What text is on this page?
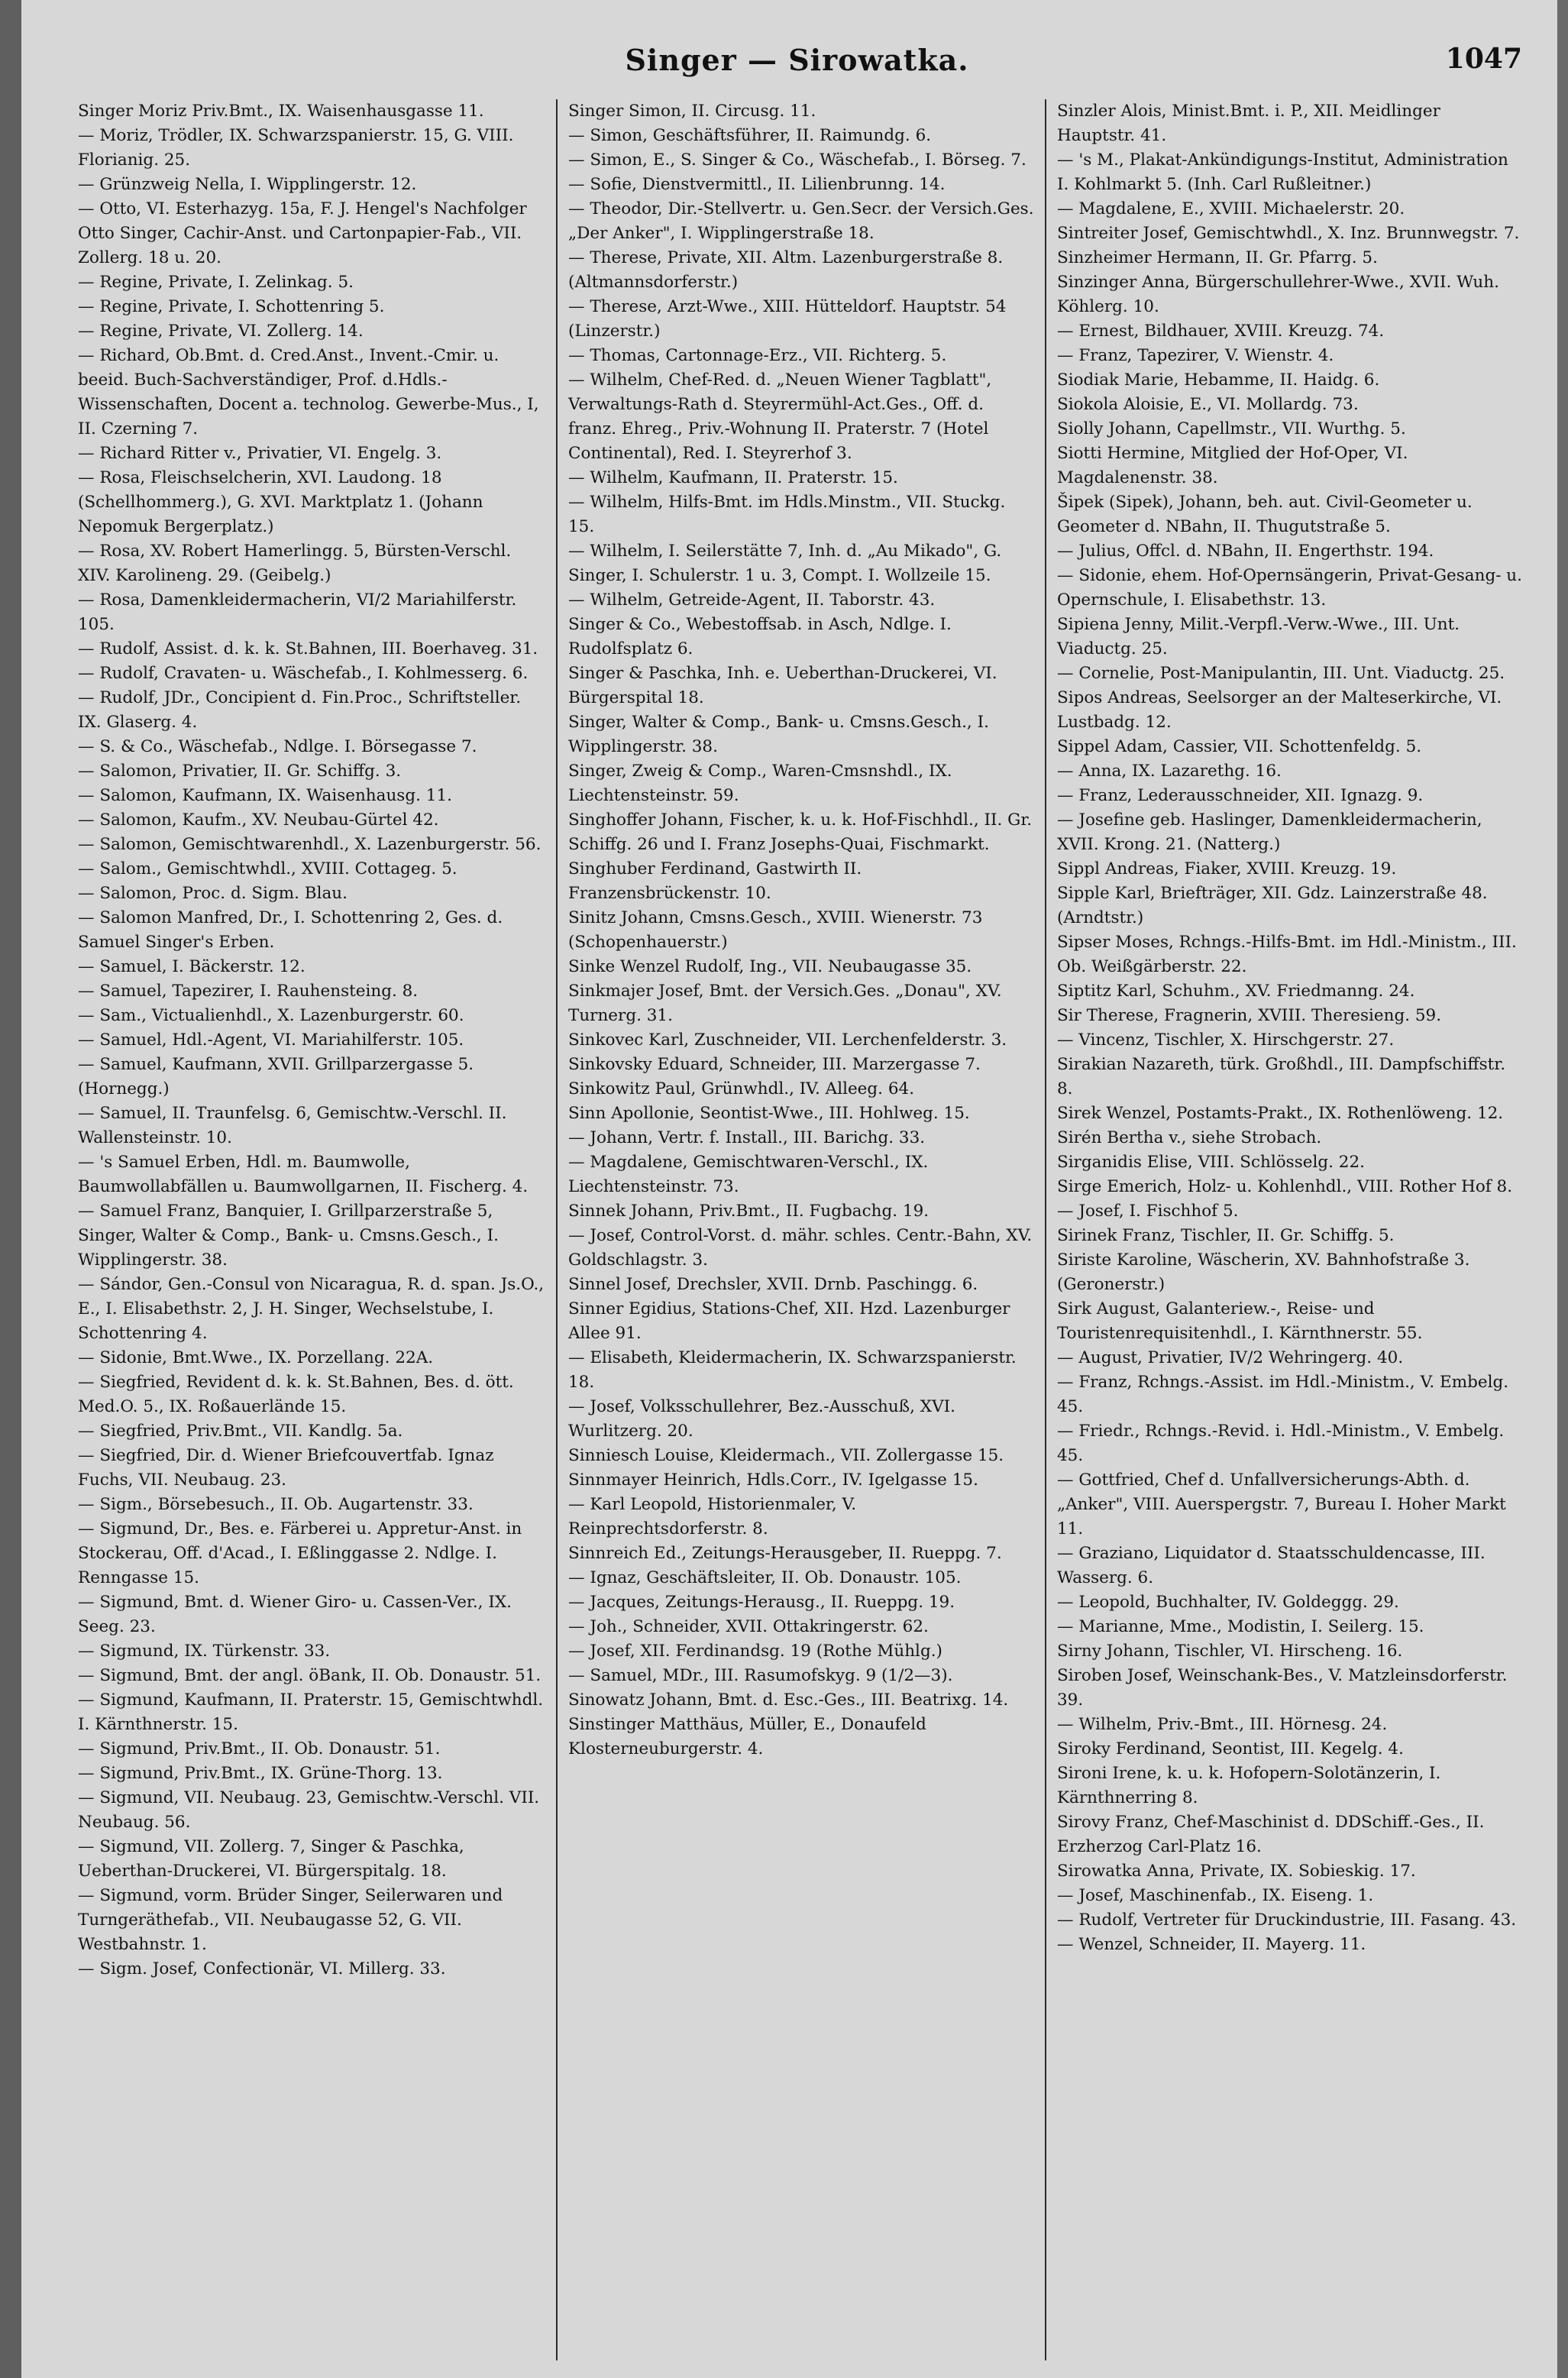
Singer — Sirowatka.	1047

Singer Moriz Priv.Bmt., IX. Waisenhausgasse 11.

— Moriz, Trödler, IX. Schwarzspanierstr. 15, G. VIII. Florianig. 25.

— Grünzweig Nella, I. Wipplingerstr. 12.

— Otto, VI. Esterhazyg. 15a, F. J. Hengel's Nachfolger Otto Singer, Cachir-Anst. und Cartonpapier-Fab., VII. Zollerg. 18 u. 20.

— Regine, Private, I. Zelinkag. 5.

— Regine, Private, I. Schottenring 5.

— Regine, Private, VI. Zollerg. 14.

— Richard, Ob.Bmt. d. Cred.Anst., Invent.-Cmir. u. beeid. Buch-Sachverständiger, Prof. d.Hdls.-Wissenschaften, Docent a. technolog. Gewerbe-Mus., I, II. Czerning 7.

— Richard Ritter v., Privatier, VI. Engelg. 3.

— Rosa, Fleischselcherin, XVI. Laudong. 18 (Schellhommerg.), G. XVI. Marktplatz 1. (Johann Nepomuk Bergerplatz.)

— Rosa, XV. Robert Hamerlingg. 5, Bürsten-Verschl. XIV. Karolineng. 29. (Geibelg.)

— Rosa, Damenkleidermacherin, VI/2 Mariahilferstr. 105.

— Rudolf, Assist. d. k. k. St.Bahnen, III. Boerhaveg. 31.

— Rudolf, Cravaten- u. Wäschefab., I. Kohlmesserg. 6.

— Rudolf, JDr., Concipient d. Fin.Proc., Schriftsteller. IX. Glaserg. 4.

— S. & Co., Wäschefab., Ndlge. I. Börsegasse 7.

— Salomon, Privatier, II. Gr. Schiffg. 3.

— Salomon, Kaufmann, IX. Waisenhausg. 11.

— Salomon, Kaufm., XV. Neubau-Gürtel 42.

— Salomon, Gemischtwarenhdl., X. Lazenburgerstr. 56.

— Salom., Gemischtwhdl., XVIII. Cottageg. 5.

— Salomon, Proc. d. Sigm. Blau.

— Salomon Manfred, Dr., I. Schottenring 2, Ges. d. Samuel Singer's Erben.

— Samuel, I. Bäckerstr. 12.

— Samuel, Tapezirer, I. Rauhensteing. 8.

— Sam., Victualienhdl., X. Lazenburgerstr. 60.

— Samuel, Hdl.-Agent, VI. Mariahilferstr. 105.

— Samuel, Kaufmann, XVII. Grillparzergasse 5. (Hornegg.)

— Samuel, II. Traunfelsg. 6, Gemischtw.-Verschl. II. Wallensteinstr. 10.

— 's Samuel Erben, Hdl. m. Baumwolle, Baumwollabfällen u. Baumwollgarnen, II. Fischerg. 4.

— Samuel Franz, Banquier, I. Grillparzerstraße 5, Singer, Walter & Comp., Bank- u. Cmsns.Gesch., I. Wipplingerstr. 38.

— Sándor, Gen.-Consul von Nicaragua, R. d. span. Js.O., E., I. Elisabethstr. 2, J. H. Singer, Wechselstube, I. Schottenring 4.

— Sidonie, Bmt.Wwe., IX. Porzellang. 22A.

— Siegfried, Revident d. k. k. St.Bahnen, Bes. d. ött. Med.O. 5., IX. Roßauerlände 15.

— Siegfried, Priv.Bmt., VII. Kandlg. 5a.

— Siegfried, Dir. d. Wiener Briefcouvertfab. Ignaz Fuchs, VII. Neubaug. 23.

— Sigm., Börsebesuch., II. Ob. Augartenstr. 33.

— Sigmund, Dr., Bes. e. Färberei u. Appretur-Anst. in Stockerau, Off. d'Acad., I. Eßlinggasse 2. Ndlge. I. Renngasse 15.

— Sigmund, Bmt. d. Wiener Giro- u. Cassen-Ver., IX. Seeg. 23.

— Sigmund, IX. Türkenstr. 33.

— Sigmund, Bmt. der angl. öBank, II. Ob. Donaustr. 51.

— Sigmund, Kaufmann, II. Praterstr. 15, Gemischtwhdl. I. Kärnthnerstr. 15.

— Sigmund, Priv.Bmt., II. Ob. Donaustr. 51.

— Sigmund, Priv.Bmt., IX. Grüne-Thorg. 13.

— Sigmund, VII. Neubaug. 23, Gemischtw.-Verschl. VII. Neubaug. 56.

— Sigmund, VII. Zollerg. 7, Singer & Paschka, Ueberthan-Druckerei, VI. Bürgerspitalg. 18.

— Sigmund, vorm. Brüder Singer, Seilerwaren und Turngeräthefab., VII. Neubaugasse 52, G. VII. Westbahnstr. 1.

— Sigm. Josef, Confectionär, VI. Millerg. 33.

Singer Simon, II. Circusg. 11.

— Simon, Geschäftsführer, II. Raimundg. 6.

— Simon, E., S. Singer & Co., Wäschefab., I. Börseg. 7.

— Sofie, Dienstvermittl., II. Lilienbrunng. 14.

— Theodor, Dir.-Stellvertr. u. Gen.Secr. der Versich.Ges. „Der Anker", I. Wipplingerstraße 18.

— Therese, Private, XII. Altm. Lazenburgerstraße 8. (Altmannsdorferstr.)

— Therese, Arzt-Wwe., XIII. Hütteldorf. Hauptstr. 54 (Linzerstr.)

— Thomas, Cartonnage-Erz., VII. Richterg. 5.

— Wilhelm, Chef-Red. d. „Neuen Wiener Tagblatt", Verwaltungs-Rath d. Steyrermühl-Act.Ges., Off. d. franz. Ehreg., Priv.-Wohnung II. Praterstr. 7 (Hotel Continental), Red. I. Steyrerhof 3.

— Wilhelm, Kaufmann, II. Praterstr. 15.

— Wilhelm, Hilfs-Bmt. im Hdls.Minstm., VII. Stuckg. 15.

— Wilhelm, I. Seilerstätte 7, Inh. d. „Au Mikado", G. Singer, I. Schulerstr. 1 u. 3, Compt. I. Wollzeile 15.

— Wilhelm, Getreide-Agent, II. Taborstr. 43.

Singer & Co., Webestoffsab. in Asch, Ndlge. I. Rudolfsplatz 6.

Singer & Paschka, Inh. e. Ueberthan-Druckerei, VI. Bürgerspital 18.

Singer, Walter & Comp., Bank- u. Cmsns.Gesch., I. Wipplingerstr. 38.

Singer, Zweig & Comp., Waren-Cmsnshdl., IX. Liechtensteinstr. 59.

Singhoffer Johann, Fischer, k. u. k. Hof-Fischhdl., II. Gr. Schiffg. 26 und I. Franz Josephs-Quai, Fischmarkt.

Singhuber Ferdinand, Gastwirth II. Franzensbrückenstr. 10.

Sinitz Johann, Cmsns.Gesch., XVIII. Wienerstr. 73 (Schopenhauerstr.)

Sinke Wenzel Rudolf, Ing., VII. Neubaugasse 35.

Sinkmajer Josef, Bmt. der Versich.Ges. „Donau", XV. Turnerg. 31.

Sinkovec Karl, Zuschneider, VII. Lerchenfelderstr. 3.

Sinkovsky Eduard, Schneider, III. Marzergasse 7.

Sinkowitz Paul, Grünwhdl., IV. Alleeg. 64.

Sinn Apollonie, Seontist-Wwe., III. Hohlweg. 15.

— Johann, Vertr. f. Install., III. Barichg. 33.

— Magdalene, Gemischtwaren-Verschl., IX. Liechtensteinstr. 73.

Sinnek Johann, Priv.Bmt., II. Fugbachg. 19.

— Josef, Control-Vorst. d. mähr. schles. Centr.-Bahn, XV. Goldschlagstr. 3.

Sinnel Josef, Drechsler, XVII. Drnb. Paschingg. 6.

Sinner Egidius, Stations-Chef, XII. Hzd. Lazenburger Allee 91.

— Elisabeth, Kleidermacherin, IX. Schwarzspanierstr. 18.

— Josef, Volksschullehrer, Bez.-Ausschuß, XVI. Wurlitzerg. 20.

Sinniesch Louise, Kleidermach., VII. Zollergasse 15.

Sinnmayer Heinrich, Hdls.Corr., IV. Igelgasse 15.

— Karl Leopold, Historienmaler, V. Reinprechtsdorferstr. 8.

Sinnreich Ed., Zeitungs-Herausgeber, II. Rueppg. 7.

— Ignaz, Geschäftsleiter, II. Ob. Donaustr. 105.

— Jacques, Zeitungs-Herausg., II. Rueppg. 19.

— Joh., Schneider, XVII. Ottakringerstr. 62.

— Josef, XII. Ferdinandsg. 19 (Rothe Mühlg.)

— Samuel, MDr., III. Rasumofskyg. 9 (1/2—3).

Sinowatz Johann, Bmt. d. Esc.-Ges., III. Beatrixg. 14.

Sinstinger Matthäus, Müller, E., Donaufeld Klosterneuburgerstr. 4.

Sinzler Alois, Minist.Bmt. i. P., XII. Meidlinger Hauptstr. 41.

— 's M., Plakat-Ankündigungs-Institut, Administration I. Kohlmarkt 5. (Inh. Carl Rußleitner.)

— Magdalene, E., XVIII. Michaelerstr. 20.

Sintreiter Josef, Gemischtwhdl., X. Inz. Brunnwegstr. 7.

Sinzheimer Hermann, II. Gr. Pfarrg. 5.

Sinzinger Anna, Bürgerschullehrer-Wwe., XVII. Wuh. Köhlerg. 10.

— Ernest, Bildhauer, XVIII. Kreuzg. 74.

— Franz, Tapezirer, V. Wienstr. 4.

Siodiak Marie, Hebamme, II. Haidg. 6.

Siokola Aloisie, E., VI. Mollardg. 73.

Siolly Johann, Capellmstr., VII. Wurthg. 5.

Siotti Hermine, Mitglied der Hof-Oper, VI. Magdalenenstr. 38.

Šipek (Sipek), Johann, beh. aut. Civil-Geometer u. Geometer d. NBahn, II. Thugutstraße 5.

— Julius, Offcl. d. NBahn, II. Engerthstr. 194.

— Sidonie, ehem. Hof-Opernsängerin, Privat-Gesang- u. Opernschule, I. Elisabethstr. 13.

Sipiena Jenny, Milit.-Verpfl.-Verw.-Wwe., III. Unt. Viaductg. 25.

— Cornelie, Post-Manipulantin, III. Unt. Viaductg. 25.

Sipos Andreas, Seelsorger an der Malteserkirche, VI. Lustbadg. 12.

Sippel Adam, Cassier, VII. Schottenfeldg. 5.

— Anna, IX. Lazarethg. 16.

— Franz, Lederausschneider, XII. Ignazg. 9.

— Josefine geb. Haslinger, Damenkleidermacherin, XVII. Krong. 21. (Natterg.)

Sippl Andreas, Fiaker, XVIII. Kreuzg. 19.

Sipple Karl, Briefträger, XII. Gdz. Lainzerstraße 48. (Arndtstr.)

Sipser Moses, Rchngs.-Hilfs-Bmt. im Hdl.-Ministm., III. Ob. Weißgärberstr. 22.

Siptitz Karl, Schuhm., XV. Friedmanng. 24.

Sir Therese, Fragnerin, XVIII. Theresieng. 59.

— Vincenz, Tischler, X. Hirschgerstr. 27.

Sirakian Nazareth, türk. Großhdl., III. Dampfschiffstr. 8.

Sirek Wenzel, Postamts-Prakt., IX. Rothenlöweng. 12.

Sirén Bertha v., siehe Strobach.

Sirganidis Elise, VIII. Schlösselg. 22.

Sirge Emerich, Holz- u. Kohlenhdl., VIII. Rother Hof 8.

— Josef, I. Fischhof 5.

Sirinek Franz, Tischler, II. Gr. Schiffg. 5.

Siriste Karoline, Wäscherin, XV. Bahnhofstraße 3. (Geronerstr.)

Sirk August, Galanteriew.-, Reise- und Touristenrequisitenhdl., I. Kärnthnerstr. 55.

— August, Privatier, IV/2 Wehringerg. 40.

— Franz, Rchngs.-Assist. im Hdl.-Ministm., V. Embelg. 45.

— Friedr., Rchngs.-Revid. i. Hdl.-Ministm., V. Embelg. 45.

— Gottfried, Chef d. Unfallversicherungs-Abth. d. „Anker", VIII. Auerspergstr. 7, Bureau I. Hoher Markt 11.

— Graziano, Liquidator d. Staatsschuldencasse, III. Wasserg. 6.

— Leopold, Buchhalter, IV. Goldeggg. 29.

— Marianne, Mme., Modistin, I. Seilerg. 15.

Sirny Johann, Tischler, VI. Hirscheng. 16.

Siroben Josef, Weinschank-Bes., V. Matzleinsdorferstr. 39.

— Wilhelm, Priv.-Bmt., III. Hörnesg. 24.

Siroky Ferdinand, Seontist, III. Kegelg. 4.

Sironi Irene, k. u. k. Hofopern-Solotänzerin, I. Kärnthnerring 8.

Sirovy Franz, Chef-Maschinist d. DDSchiff.-Ges., II. Erzherzog Carl-Platz 16.

Sirowatka Anna, Private, IX. Sobieskig. 17.

— Josef, Maschinenfab., IX. Eiseng. 1.

— Rudolf, Vertreter für Druckindustrie, III. Fasang. 43.

— Wenzel, Schneider, II. Mayerg. 11.
